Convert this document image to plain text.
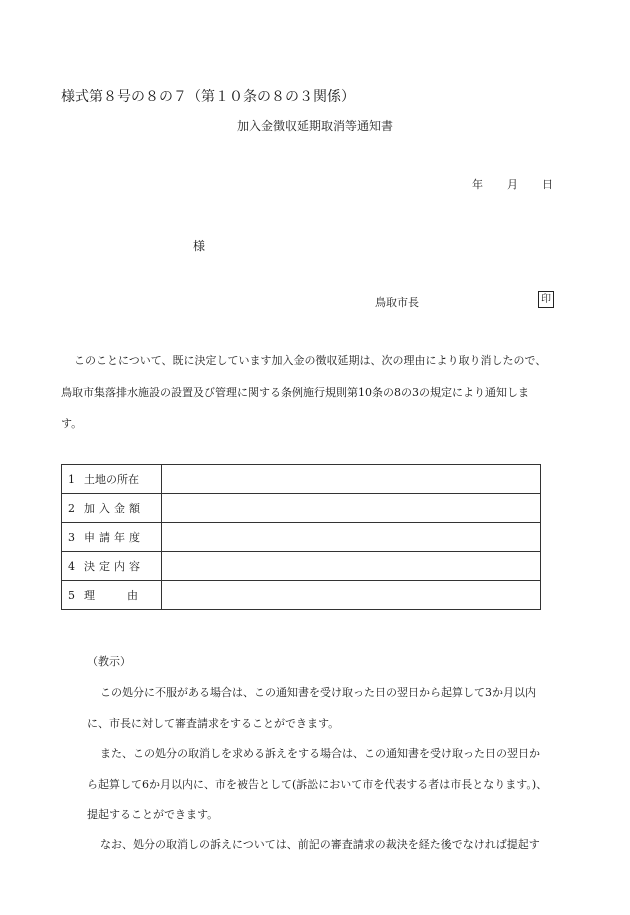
様式第８号の８の７（第１０条の８の３関係）
加入金徴収延期取消等通知書
年 月 日
様
鳥取市長	印
このことについて、既に決定しています加入金の徴収延期は、次の理由により取り消したので、
鳥取市集落排水施設の設置及び管理に関する条例施行規則第10条の8の3の規定により通知しま
す。
1 土地の所在	
2 加入金額	
3 申請年度	
4 決定内容	
5 理 由	
（教示）
この処分に不服がある場合は、この通知書を受け取った日の翌日から起算して3か月以内
に、市長に対して審査請求をすることができます。
また、この処分の取消しを求める訴えをする場合は、この通知書を受け取った日の翌日か
ら起算して6か月以内に、市を被告として(訴訟において市を代表する者は市長となります。)、
提起することができます。
なお、処分の取消しの訴えについては、前記の審査請求の裁決を経た後でなければ提起す
